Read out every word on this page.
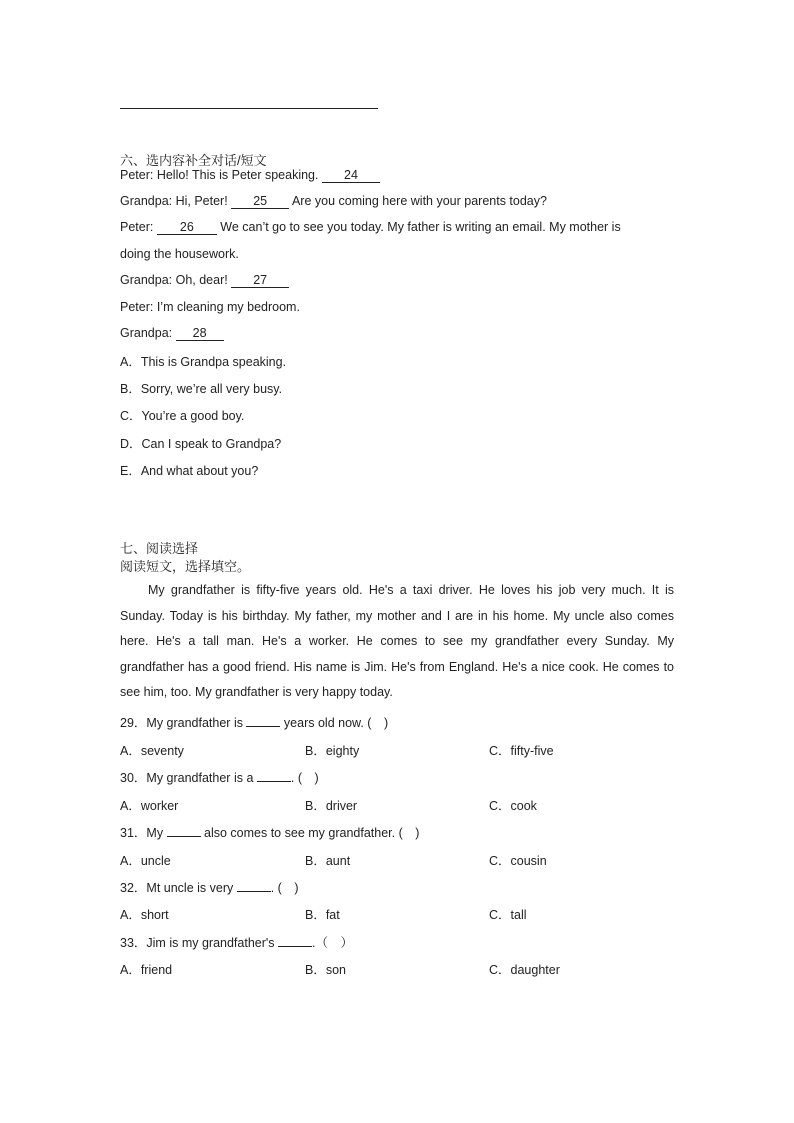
六、选内容补全对话/短文
Peter: Hello! This is Peter speaking. 24
Grandpa: Hi, Peter! 25 Are you coming here with your parents today?
Peter: 26 We can’t go to see you today. My father is writing an email. My mother is
doing the housework.
Grandpa: Oh, dear! 27
Peter: I’m cleaning my bedroom.
Grandpa: 28
A．This is Grandpa speaking.
B．Sorry, we’re all very busy.
C．You’re a good boy.
D．Can I speak to Grandpa?
E．And what about you?
七、阅读选择
阅读短文，选择填空。
My grandfather is fifty-five years old. He's a taxi driver. He loves his job very much. It is Sunday. Today is his birthday. My father, my mother and I are in his home. My uncle also comes here. He's a tall man. He's a worker. He comes to see my grandfather every Sunday. My grandfather has a good friend. His name is Jim. He's from England. He's a nice cook. He comes to see him, too. My grandfather is very happy today.
29．My grandfather is	years old now. (　)
A．seventy	B．eighty	C．fifty-five
30．My grandfather is a	. (　)
A．worker	B．driver	C．cook
31．My	also comes to see my grandfather. (　)
A．uncle	B．aunt	C．cousin
32．Mt uncle is very	. (　)
A．short	B．fat	C．tall
33．Jim is my grandfather's	.（　）
A．friend	B．son	C．daughter
